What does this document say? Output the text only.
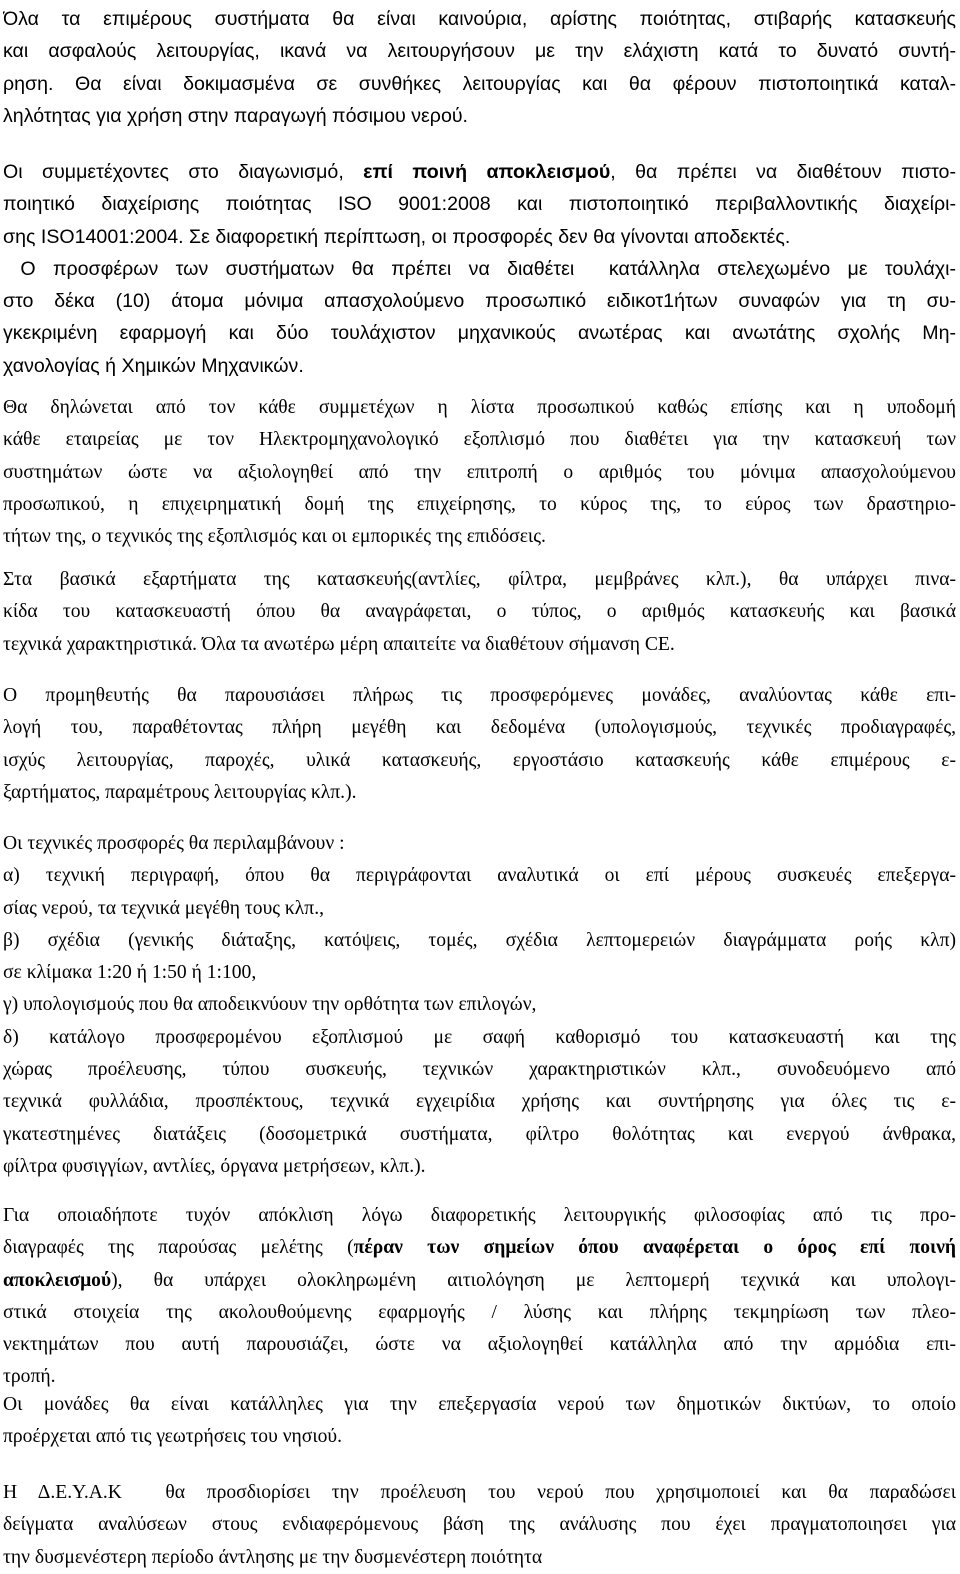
Όλα τα επιμέρους συστήματα θα είναι καινούρια, αρίστης ποιότητας, στιβαρής κατασκευής
και ασφαλούς λειτουργίας, ικανά να λειτουργήσουν με την ελάχιστη κατά το δυνατό συντή-
ρηση. Θα είναι δοκιμασμένα σε συνθήκες λειτουργίας και θα φέρουν πιστοποιητικά καταλ-
ληλότητας για χρήση στην παραγωγή πόσιμου νερού.
Οι συμμετέχοντες στο διαγωνισμό, επί ποινή αποκλεισμού, θα πρέπει να διαθέτουν πιστο-
ποιητικό διαχείρισης ποιότητας ISO 9001:2008 και πιστοποιητικό περιβαλλοντικής διαχείρι-
σης ISO14001:2004. Σε διαφορετική περίπτωση, οι προσφορές δεν θα γίνονται αποδεκτές.
Ο προσφέρων των συστήματων θα πρέπει να διαθέτει  κατάλληλα στελεχωμένο με τουλάχι-
στο δέκα (10) άτομα μόνιμα απασχολούμενο προσωπικό ειδικοτ1ήτων συναφών για τη συ-
γκεκριμένη εφαρμογή και δύο τουλάχιστον μηχανικούς ανωτέρας και ανωτάτης σχολής Μη-
χανολογίας ή Χημικών Μηχανικών.
Θα δηλώνεται από τον κάθε συμμετέχων η λίστα προσωπικού καθώς επίσης και η υποδομή
κάθε εταιρείας με τον Ηλεκτρομηχανολογικό εξοπλισμό που διαθέτει για την κατασκευή των
συστημάτων ώστε να αξιολογηθεί από την επιτροπή ο αριθμός του μόνιμα απασχολούμενου
προσωπικού, η επιχειρηματική δομή της επιχείρησης, το κύρος της, το εύρος των δραστηριο-
τήτων της, ο τεχνικός της εξοπλισμός και οι εμπορικές της επιδόσεις.
Στα βασικά εξαρτήματα της κατασκευής(αντλίες, φίλτρα, μεμβράνες κλπ.), θα υπάρχει πινα-
κίδα του κατασκευαστή όπου θα αναγράφεται, ο τύπος, ο αριθμός κατασκευής και βασικά
τεχνικά χαρακτηριστικά. Όλα τα ανωτέρω μέρη απαιτείτε να διαθέτουν σήμανση CE.
Ο προμηθευτής θα παρουσιάσει πλήρως τις προσφερόμενες μονάδες, αναλύοντας κάθε επι-
λογή του, παραθέτοντας πλήρη μεγέθη και δεδομένα (υπολογισμούς, τεχνικές προδιαγραφές,
ισχύς λειτουργίας, παροχές, υλικά κατασκευής, εργοστάσιο κατασκευής κάθε επιμέρους ε-
ξαρτήματος, παραμέτρους λειτουργίας κλπ.).
Οι τεχνικές προσφορές θα περιλαμβάνουν :
α) τεχνική περιγραφή, όπου θα περιγράφονται αναλυτικά οι επί μέρους συσκευές επεξεργα-
σίας νερού, τα τεχνικά μεγέθη τους κλπ.,
β) σχέδια (γενικής διάταξης, κατόψεις, τομές, σχέδια λεπτομερειών διαγράμματα ροής κλπ)
σε κλίμακα 1:20 ή 1:50 ή 1:100,
γ) υπολογισμούς που θα αποδεικνύουν την ορθότητα των επιλογών,
δ) κατάλογο προσφερομένου εξοπλισμού με σαφή καθορισμό του κατασκευαστή και της
χώρας προέλευσης, τύπου συσκευής, τεχνικών χαρακτηριστικών κλπ., συνοδευόμενο από
τεχνικά φυλλάδια, προσπέκτους, τεχνικά εγχειρίδια χρήσης και συντήρησης για όλες τις ε-
γκατεστημένες διατάξεις (δοσομετρικά συστήματα, φίλτρο θολότητας και ενεργού άνθρακα,
φίλτρα φυσιγγίων, αντλίες, όργανα μετρήσεων, κλπ.).
Για οποιαδήποτε τυχόν απόκλιση λόγω διαφορετικής λειτουργικής φιλοσοφίας από τις προ-
διαγραφές της παρούσας μελέτης (πέραν των σημείων όπου αναφέρεται ο όρος επί ποινή
αποκλεισμού), θα υπάρχει ολοκληρωμένη αιτιολόγηση με λεπτομερή τεχνικά και υπολογι-
στικά στοιχεία της ακολουθούμενης εφαρμογής / λύσης και πλήρης τεκμηρίωση των πλεο-
νεκτημάτων που αυτή παρουσιάζει, ώστε να αξιολογηθεί κατάλληλα από την αρμόδια επι-
τροπή.
Οι μονάδες θα είναι κατάλληλες για την επεξεργασία νερού των δημοτικών δικτύων, το οποίο
προέρχεται από τις γεωτρήσεις του νησιού.
Η Δ.Ε.Υ.Α.Κ  θα προσδιορίσει την προέλευση του νερού που χρησιμοποιεί και θα παραδώσει
δείγματα αναλύσεων στους ενδιαφερόμενους βάση της ανάλυσης που έχει πραγματοποιησει για
την δυσμενέστερη περίοδο άντλησης με την δυσμενέστερη ποιότητα
